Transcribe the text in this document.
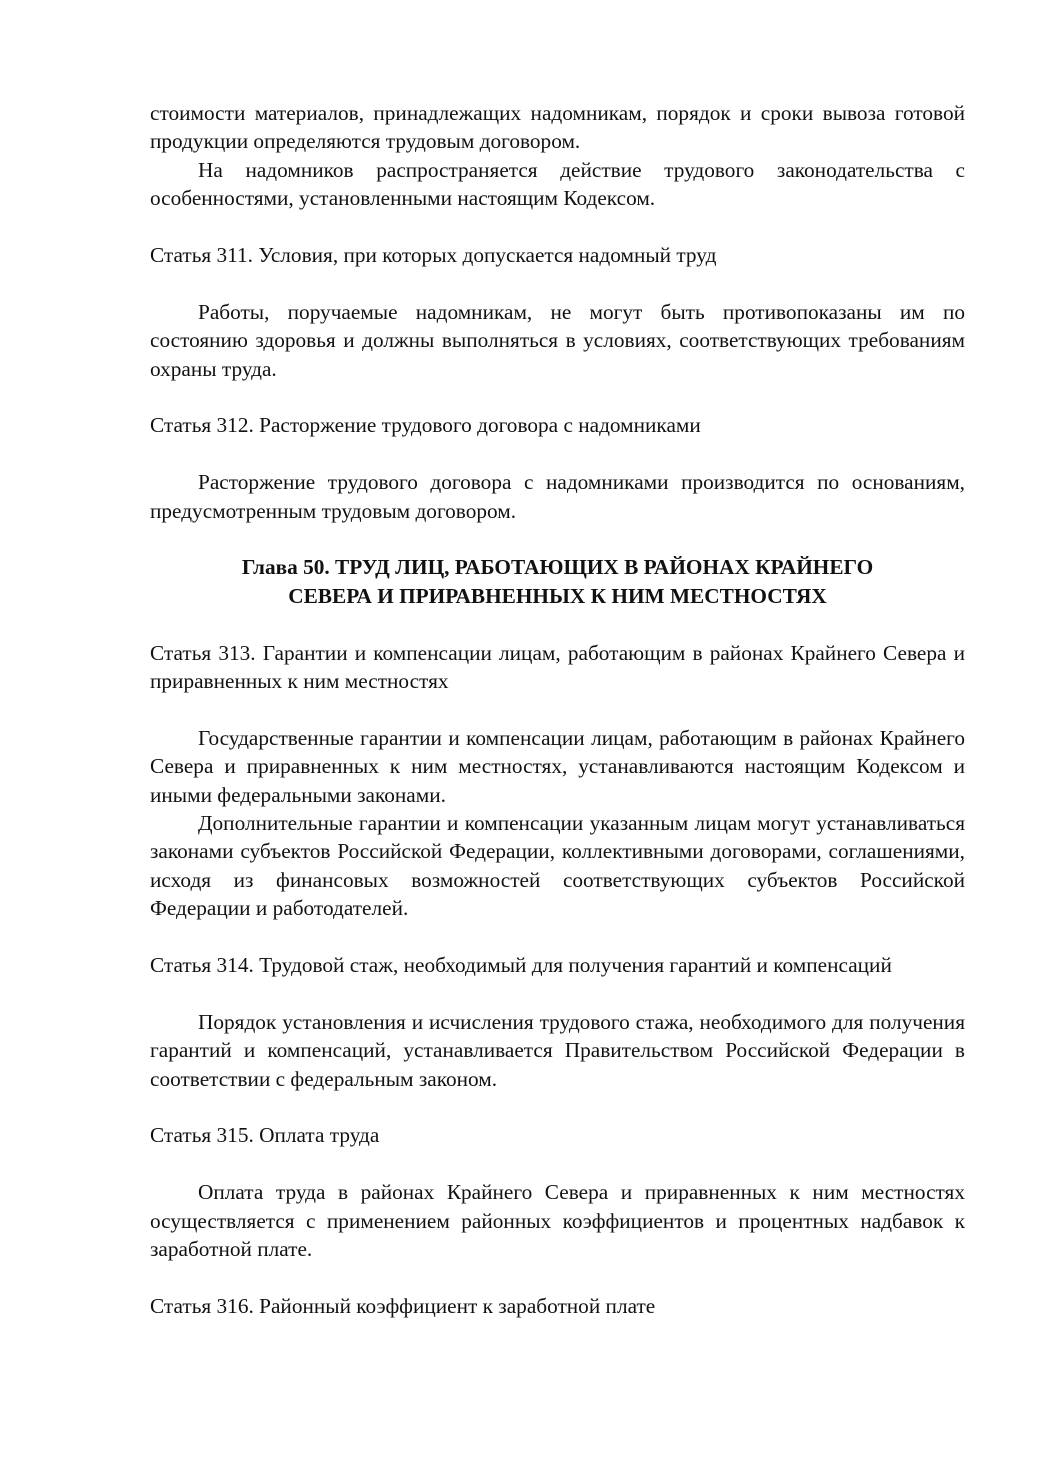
стоимости материалов, принадлежащих надомникам, порядок и сроки вывоза готовой продукции определяются трудовым договором.

На надомников распространяется действие трудового законодательства с особенностями, установленными настоящим Кодексом.

Статья 311. Условия, при которых допускается надомный труд

Работы, поручаемые надомникам, не могут быть противопоказаны им по состоянию здоровья и должны выполняться в условиях, соответствующих требованиям охраны труда.

Статья 312. Расторжение трудового договора с надомниками

Расторжение трудового договора с надомниками производится по основаниям, предусмотренным трудовым договором.

Глава 50. ТРУД ЛИЦ, РАБОТАЮЩИХ В РАЙОНАХ КРАЙНЕГО
СЕВЕРА И ПРИРАВНЕННЫХ К НИМ МЕСТНОСТЯХ

Статья 313. Гарантии и компенсации лицам, работающим в районах Крайнего Севера и приравненных к ним местностях

Государственные гарантии и компенсации лицам, работающим в районах Крайнего Севера и приравненных к ним местностях, устанавливаются настоящим Кодексом и иными федеральными законами.

Дополнительные гарантии и компенсации указанным лицам могут устанавливаться законами субъектов Российской Федерации, коллективными договорами, соглашениями, исходя из финансовых возможностей соответствующих субъектов Российской Федерации и работодателей.

Статья 314. Трудовой стаж, необходимый для получения гарантий и компенсаций

Порядок установления и исчисления трудового стажа, необходимого для получения гарантий и компенсаций, устанавливается Правительством Российской Федерации в соответствии с федеральным законом.

Статья 315. Оплата труда

Оплата труда в районах Крайнего Севера и приравненных к ним местностях осуществляется с применением районных коэффициентов и процентных надбавок к заработной плате.

Статья 316. Районный коэффициент к заработной плате
